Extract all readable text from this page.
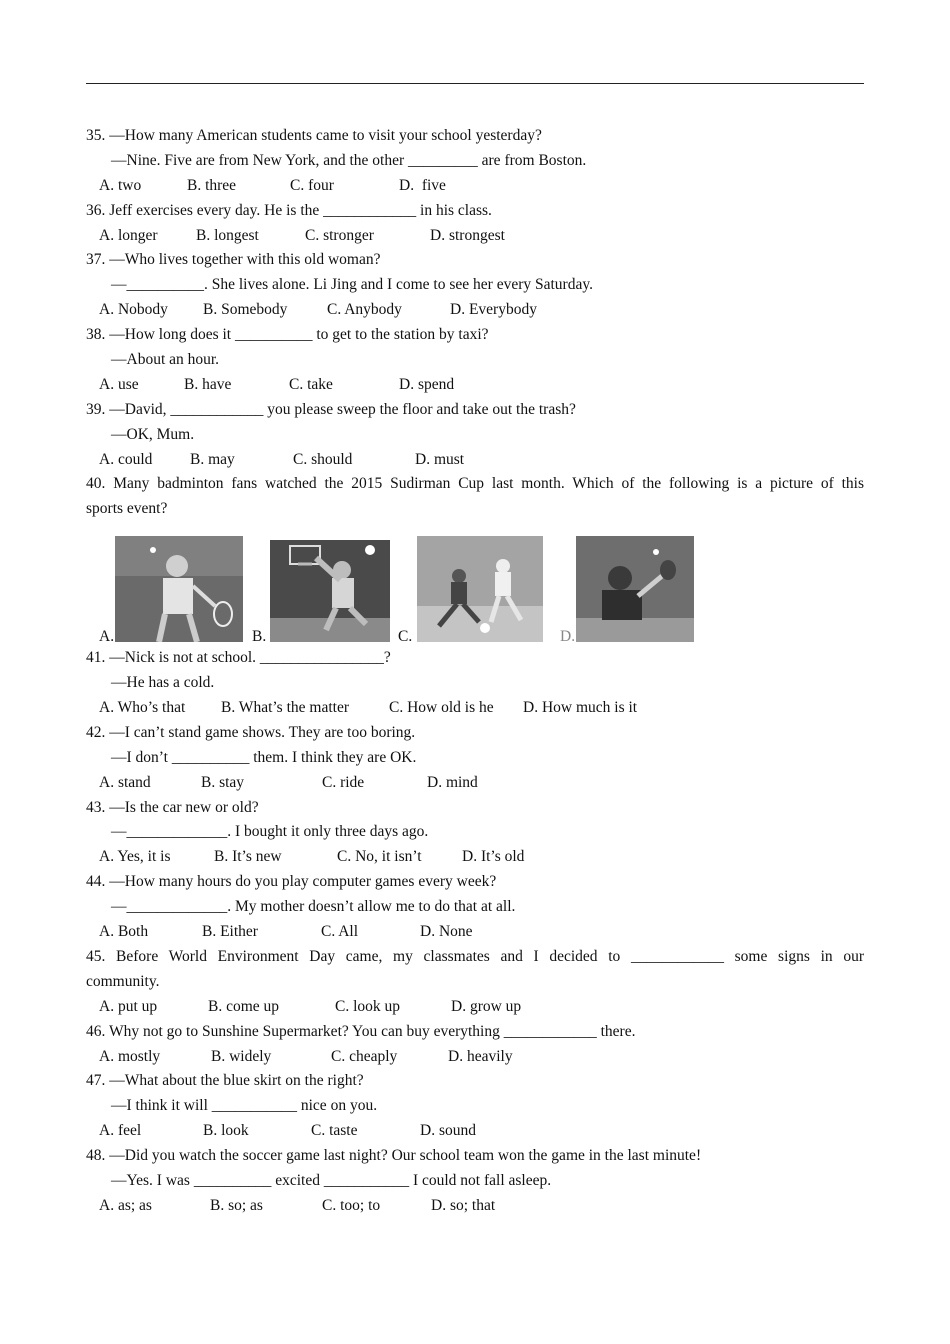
35. —How many American students came to visit your school yesterday?
—Nine. Five are from New York, and the other _________ are from Boston.

A. two

	B. three

	C. four

	D.  five

36. Jeff exercises every day. He is the ____________ in his class.

A. longer

B. longest

	C. stronger

	D. strongest

37. —Who lives together with this old woman?
—__________. She lives alone. Li Jing and I come to see her every Saturday.

A. Nobody

B. Somebody

	C. Anybody

	D. Everybody

38. —How long does it __________ to get to the station by taxi?
—About an hour.

A. use

	B. have

	C. take

	D. spend

39. —David, ____________ you please sweep the floor and take out the trash?
—OK, Mum.

A. could

B. may

	C. should

	D. must

40. Many badminton fans watched the 2015 Sudirman Cup last month. Which of the following is a picture of this
sports event?
A.	B.	C.	D.
41. —Nick is not at school. ________________?
—He has a cold.

A. Who’s that

B. What’s the matter

	C. How old is he

D. How much is it

42. —I can’t stand game shows. They are too boring.
—I don’t __________ them. I think they are OK.

A. stand

	B. stay

	C. ride

	D. mind

43. —Is the car new or old?
—_____________. I bought it only three days ago.

A. Yes, it is

	B. It’s new

	C. No, it isn’t

	D. It’s old

44. —How many hours do you play computer games every week?
—_____________. My mother doesn’t allow me to do that at all.

A. Both

	B. Either

	C. All

	D. None

45. Before World Environment Day came, my classmates and I decided to ____________ some signs in our
community.

A. put up

	B. come up

	C. look up

	D. grow up

46. Why not go to Sunshine Supermarket? You can buy everything ____________ there.

A. mostly

	B. widely

	C. cheaply

	D. heavily

47. —What about the blue skirt on the right?
—I think it will ___________ nice on you.

A. feel

	B. look

	C. taste

	D. sound

48. —Did you watch the soccer game last night? Our school team won the game in the last minute!
—Yes. I was __________ excited ___________ I could not fall asleep.

A. as; as

	B. so; as

	C. too; to

	D. so; that
